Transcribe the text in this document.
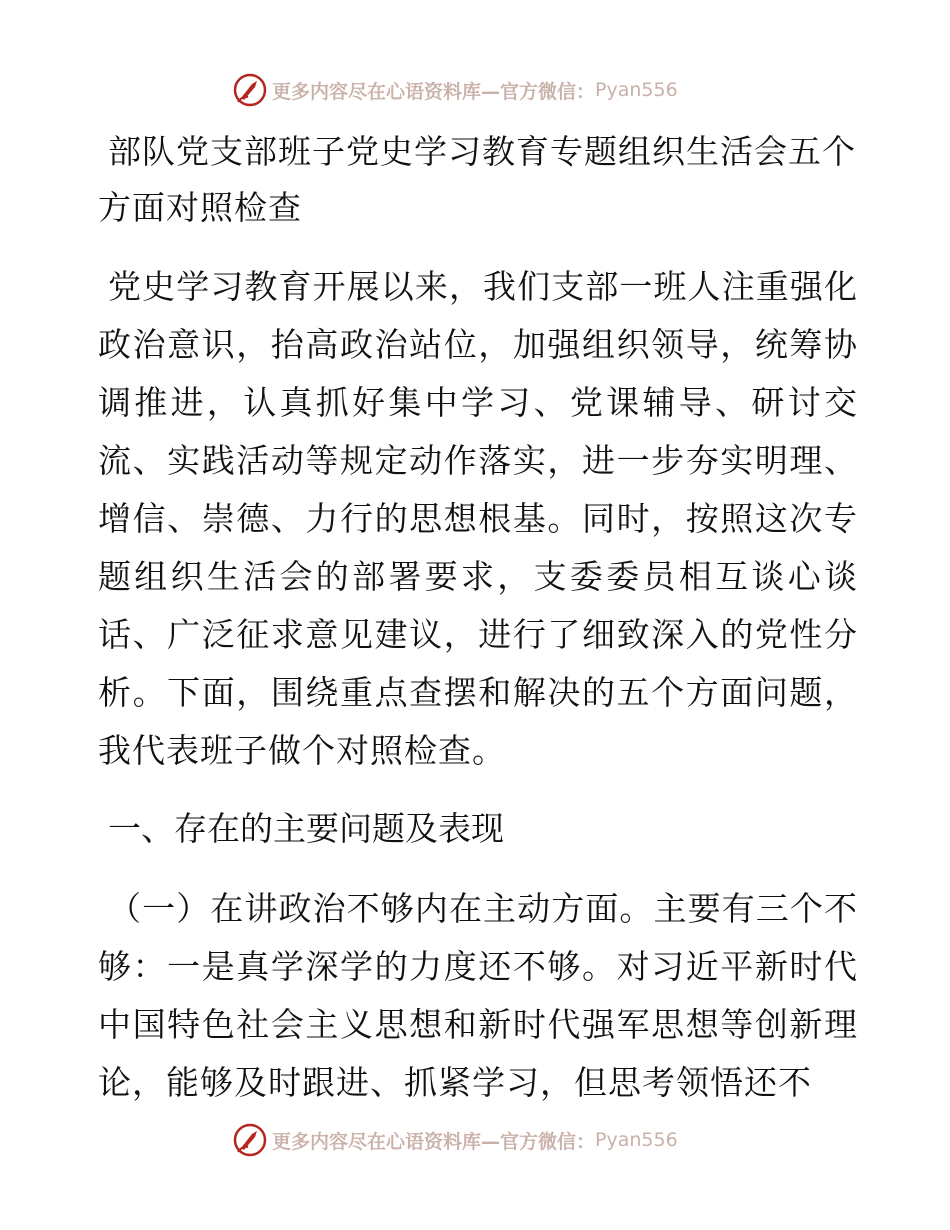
更多内容尽在心语资料库—官方微信： Pyan556
部队党支部班子党史学习教育专题组织生活会五个方面对照检查

党史学习教育开展以来，我们支部一班人注重强化政治意识，抬高政治站位，加强组织领导，统筹协调推进，认真抓好集中学习、党课辅导、研讨交流、实践活动等规定动作落实，进一步夯实明理、增信、崇德、力行的思想根基。同时，按照这次专题组织生活会的部署要求，支委委员相互谈心谈话、广泛征求意见建议，进行了细致深入的党性分析。下面，围绕重点查摆和解决的五个方面问题，我代表班子做个对照检查。

一、存在的主要问题及表现

（一）在讲政治不够内在主动方面。主要有三个不够：一是真学深学的力度还不够。对习近平新时代中国特色社会主义思想和新时代强军思想等创新理论，能够及时跟进、抓紧学习，但思考领悟还不

更多内容尽在心语资料库—官方微信： Pyan556
